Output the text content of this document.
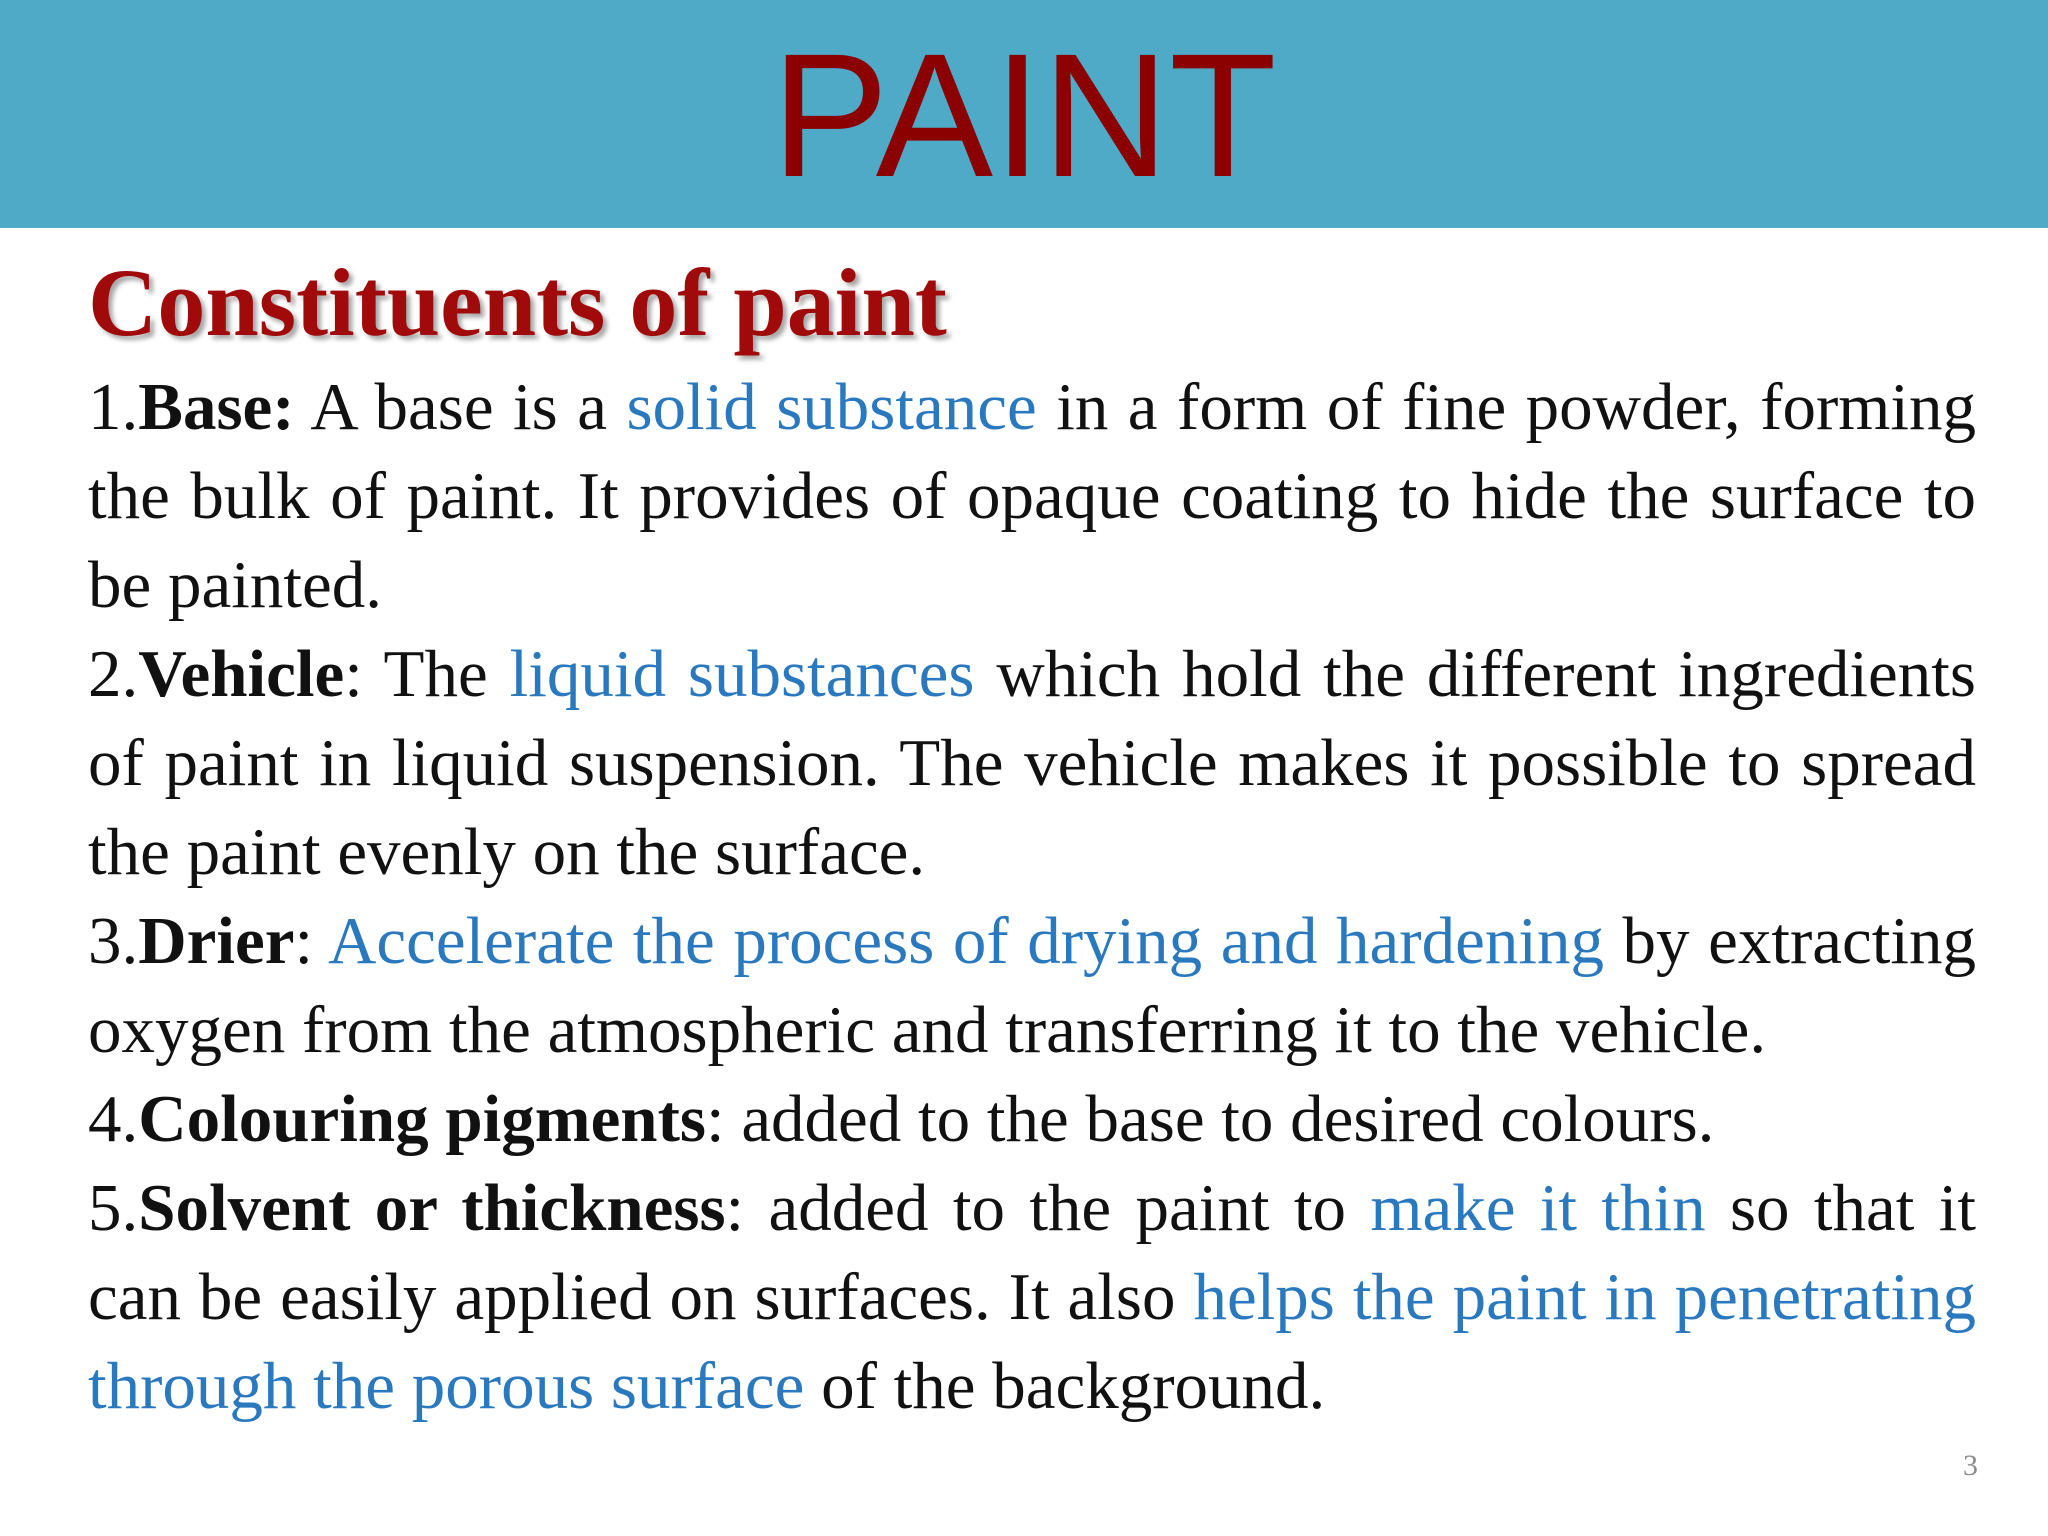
PAINT
Constituents of paint
1.Base: A base is a solid substance in a form of fine powder, forming the bulk of paint. It provides of opaque coating to hide the surface to be painted.
2.Vehicle: The liquid substances which hold the different ingredients of paint in liquid suspension. The vehicle makes it possible to spread the paint evenly on the surface.
3.Drier: Accelerate the process of drying and hardening by extracting oxygen from the atmospheric and transferring it to the vehicle.
4.Colouring pigments: added to the base to desired colours.
5.Solvent or thickness: added to the paint to make it thin so that it can be easily applied on surfaces. It also helps the paint in penetrating through the porous surface of the background.
3
